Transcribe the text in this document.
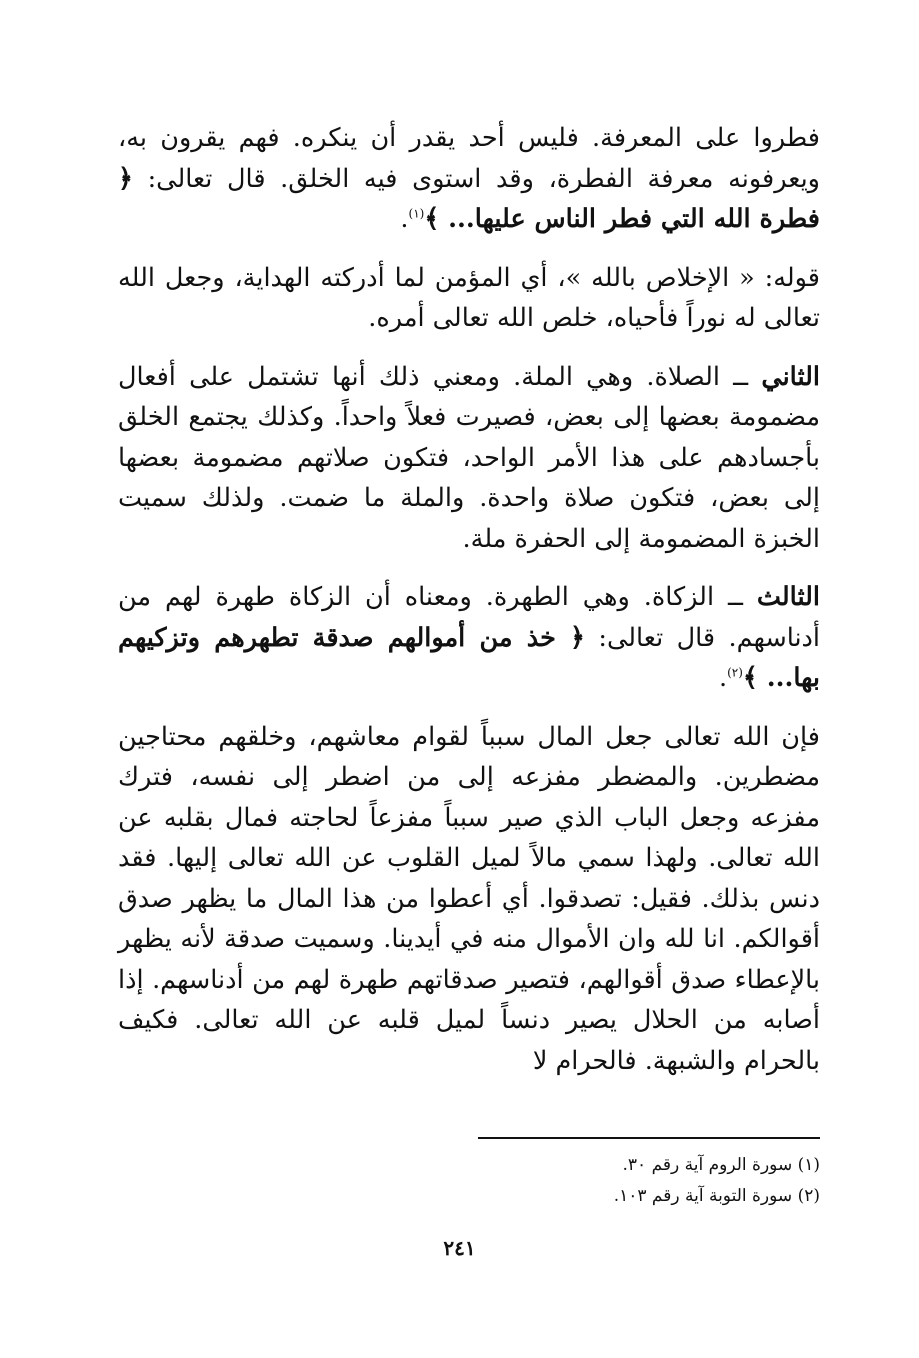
فطروا على المعرفة. فليس أحد يقدر أن ينكره. فهم يقرون به، ويعرفونه معرفة الفطرة، وقد استوى فيه الخلق. قال تعالى: ﴿ فطرة الله التي فطر الناس عليها... ﴾$^{(١)}$.

قوله: « الإخلاص بالله »، أي المؤمن لما أدركته الهداية، وجعل الله تعالى له نوراً فأحياه، خلص الله تعالى أمره.

الثاني ــ الصلاة. وهي الملة. ومعني ذلك أنها تشتمل على أفعال مضمومة بعضها إلى بعض، فصيرت فعلاً واحداً. وكذلك يجتمع الخلق بأجسادهم على هذا الأمر الواحد، فتكون صلاتهم مضمومة بعضها إلى بعض، فتكون صلاة واحدة. والملة ما ضمت. ولذلك سميت الخبزة المضمومة إلى الحفرة ملة.

الثالث ــ الزكاة. وهي الطهرة. ومعناه أن الزكاة طهرة لهم من أدناسهم. قال تعالى: ﴿ خذ من أموالهم صدقة تطهرهم وتزكيهم بها... ﴾$^{(٢)}$.

فإن الله تعالى جعل المال سبباً لقوام معاشهم، وخلقهم محتاجين مضطرين. والمضطر مفزعه إلى من اضطر إلى نفسه، فترك مفزعه وجعل الباب الذي صير سبباً مفزعاً لحاجته فمال بقلبه عن الله تعالى. ولهذا سمي مالاً لميل القلوب عن الله تعالى إليها. فقد دنس بذلك. فقيل: تصدقوا. أي أعطوا من هذا المال ما يظهر صدق أقوالكم. انا لله وان الأموال منه في أيدينا. وسميت صدقة لأنه يظهر بالإعطاء صدق أقوالهم، فتصير صدقاتهم طهرة لهم من أدناسهم. إذا أصابه من الحلال يصير دنساً لميل قلبه عن الله تعالى. فكيف بالحرام والشبهة. فالحرام لا

(١) سورة الروم آية رقم ٣٠.

(٢) سورة التوبة آية رقم ١٠٣.

٢٤١
